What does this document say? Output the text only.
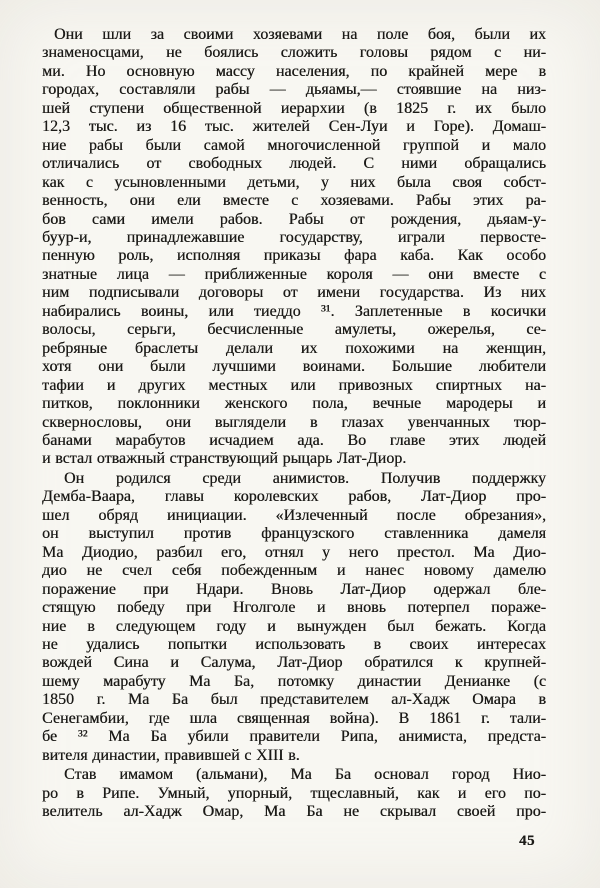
Они шли за своими хозяевами на поле боя, были их
знаменосцами, не боялись сложить головы рядом с ни-
ми. Но основную массу населения, по крайней мере в
городах, составляли рабы — дьяамы,— стоявшие на низ-
шей ступени общественной иерархии (в 1825 г. их было
12,3 тыс. из 16 тыс. жителей Сен-Луи и Горе). Домаш-
ние рабы были самой многочисленной группой и мало
отличались от свободных людей. С ними обращались
как с усыновленными детьми, у них была своя собст-
венность, они ели вместе с хозяевами. Рабы этих ра-
бов сами имели рабов. Рабы от рождения, дьяам-у-
буур-и, принадлежавшие государству, играли первосте-
пенную роль, исполняя приказы фара каба. Как особо
знатные лица — приближенные короля — они вместе с
ним подписывали договоры от имени государства. Из них
набирались воины, или тиеддо ³¹. Заплетенные в косички
волосы, серьги, бесчисленные амулеты, ожерелья, се-
ребряные браслеты делали их похожими на женщин,
хотя они были лучшими воинами. Большие любители
тафии и других местных или привозных спиртных на-
питков, поклонники женского пола, вечные мародеры и
сквернословы, они выглядели в глазах увенчанных тюр-
банами марабутов исчадием ада. Во главе этих людей
и встал отважный странствующий рыцарь Лат-Диор.
Он родился среди анимистов. Получив поддержку
Демба-Ваара, главы королевских рабов, Лат-Диор про-
шел обряд инициации. «Излеченный после обрезания»,
он выступил против французского ставленника дамеля
Ма Диодио, разбил его, отнял у него престол. Ма Дио-
дио не счел себя побежденным и нанес новому дамелю
поражение при Ндари. Вновь Лат-Диор одержал бле-
стящую победу при Нголголе и вновь потерпел пораже-
ние в следующем году и вынужден был бежать. Когда
не удались попытки использовать в своих интересах
вождей Сина и Салума, Лат-Диор обратился к крупней-
шему марабуту Ма Ба, потомку династии Денианке (с
1850 г. Ма Ба был представителем ал-Хадж Омара в
Сенегамбии, где шла священная война). В 1861 г. тали-
бе ³² Ма Ба убили правители Рипа, анимиста, предста-
вителя династии, правившей с XIII в.
Став имамом (альмани), Ма Ба основал город Нио-
ро в Рипе. Умный, упорный, тщеславный, как и его по-
велитель ал-Хадж Омар, Ма Ба не скрывал своей про-
45
